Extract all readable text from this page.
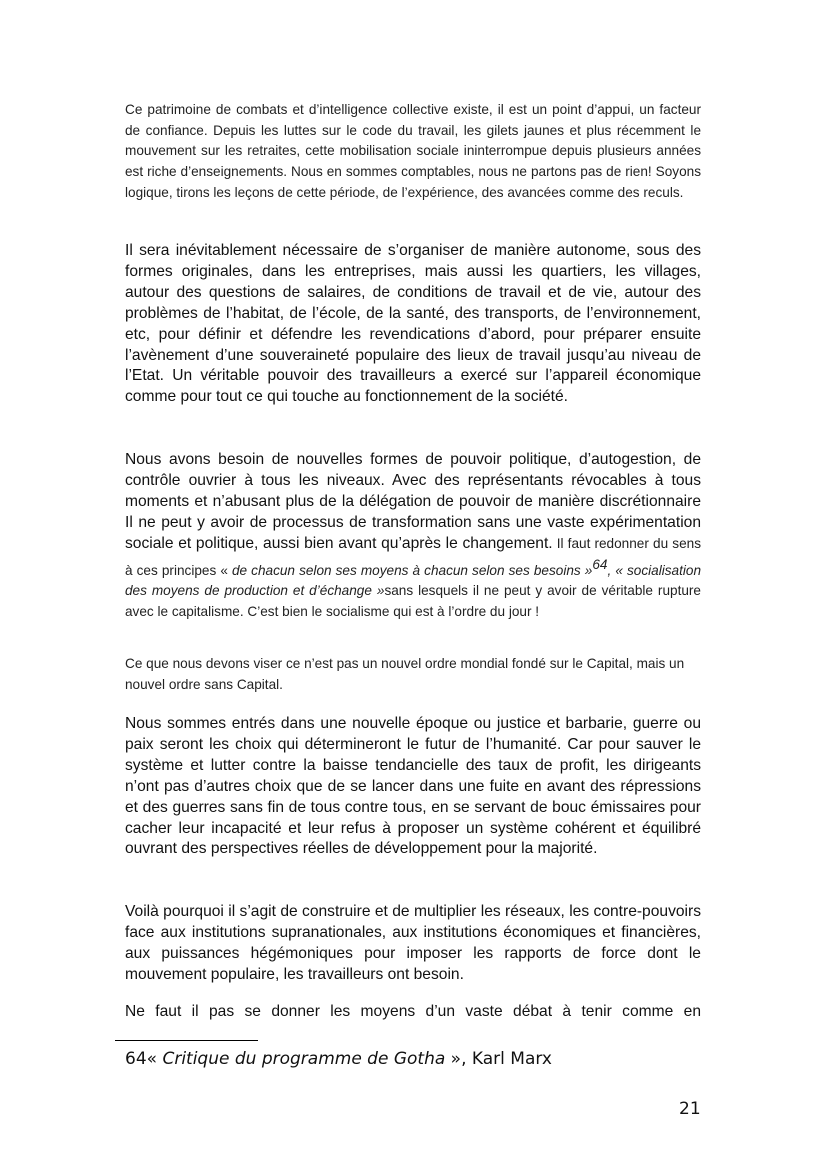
Ce patrimoine de combats et d’intelligence collective existe, il est un point d’appui, un facteur de confiance. Depuis les luttes sur le code du travail, les gilets jaunes et plus récemment le mouvement sur les retraites, cette mobilisation sociale ininterrompue depuis plusieurs années est riche d’enseignements. Nous en sommes comptables, nous ne partons pas de rien! Soyons logique, tirons les leçons de cette période, de l’expérience, des avancées comme des reculs.

Il sera inévitablement nécessaire de s’organiser de manière autonome, sous des formes originales, dans les entreprises, mais aussi les quartiers, les villages, autour des questions de salaires, de conditions de travail et de vie, autour des problèmes de l’habitat, de l’école, de la santé, des transports, de l’environnement, etc, pour définir et défendre les revendications d’abord, pour préparer ensuite l’avènement d’une souveraineté populaire des lieux de travail jusqu’au niveau de l’Etat. Un véritable pouvoir des travailleurs a exercé sur l’appareil économique comme pour tout ce qui touche au fonctionnement de la société.

Nous avons besoin de nouvelles formes de pouvoir politique, d’autogestion, de contrôle ouvrier à tous les niveaux. Avec des représentants révocables à tous moments et n’abusant plus de la délégation de pouvoir de manière discrétionnaire Il ne peut y avoir de processus de transformation sans une vaste expérimentation sociale et politique, aussi bien avant qu’après le changement. Il faut redonner du sens à ces principes « de chacun selon ses moyens à chacun selon ses besoins »$^{64}$, « socialisation des moyens de production et d’échange »sans lesquels il ne peut y avoir de véritable rupture avec le capitalisme. C’est bien le socialisme qui est à l’ordre du jour !

Ce que nous devons viser ce n’est pas un nouvel ordre mondial fondé sur le Capital, mais un nouvel ordre sans Capital.

Nous sommes entrés dans une nouvelle époque ou justice et barbarie, guerre ou paix seront les choix qui détermineront le futur de l’humanité. Car pour sauver le système et lutter contre la baisse tendancielle des taux de profit, les dirigeants n’ont pas d’autres choix que de se lancer dans une fuite en avant des répressions et des guerres sans fin de tous contre tous, en se servant de bouc émissaires pour cacher leur incapacité et leur refus à proposer un système cohérent et équilibré ouvrant des perspectives réelles de développement pour la majorité.

Voilà pourquoi il s’agit de construire et de multiplier les réseaux, les contre-pouvoirs face aux institutions supranationales, aux institutions économiques et financières, aux puissances hégémoniques pour imposer les rapports de force dont le mouvement populaire, les travailleurs ont besoin.

Ne faut il pas se donner les moyens d’un vaste débat à tenir comme en

64« Critique du programme de Gotha », Karl Marx
21
